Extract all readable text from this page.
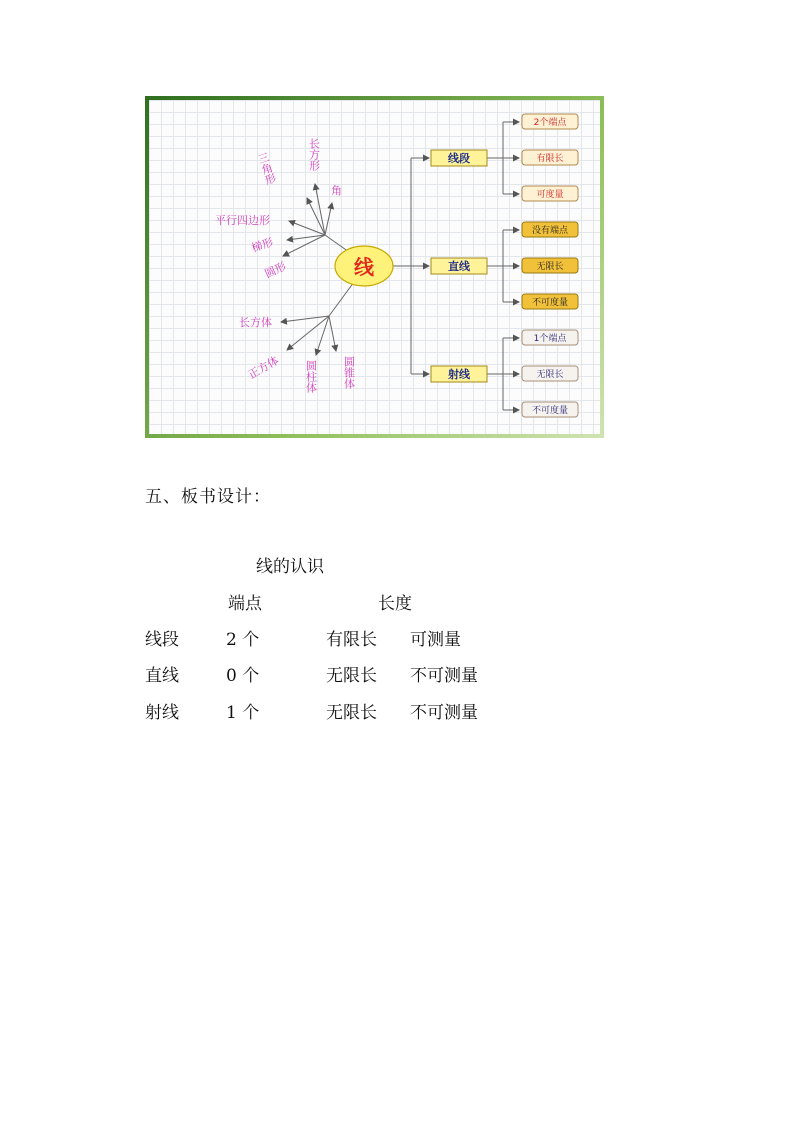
线
线段
直线
射线
2个端点
有限长
可度量
没有端点
无限长
不可度量
1个端点
无限长
不可度量
长方形
三角形
角
平行四边形
梯形
圆形
长方体
正方体 圆柱体 圆锥体
五、板书设计：
线的认识
端点	长度
线段	2 个	有限长 可测量
直线	0 个	无限长 不可测量
射线	1 个	无限长 不可测量
